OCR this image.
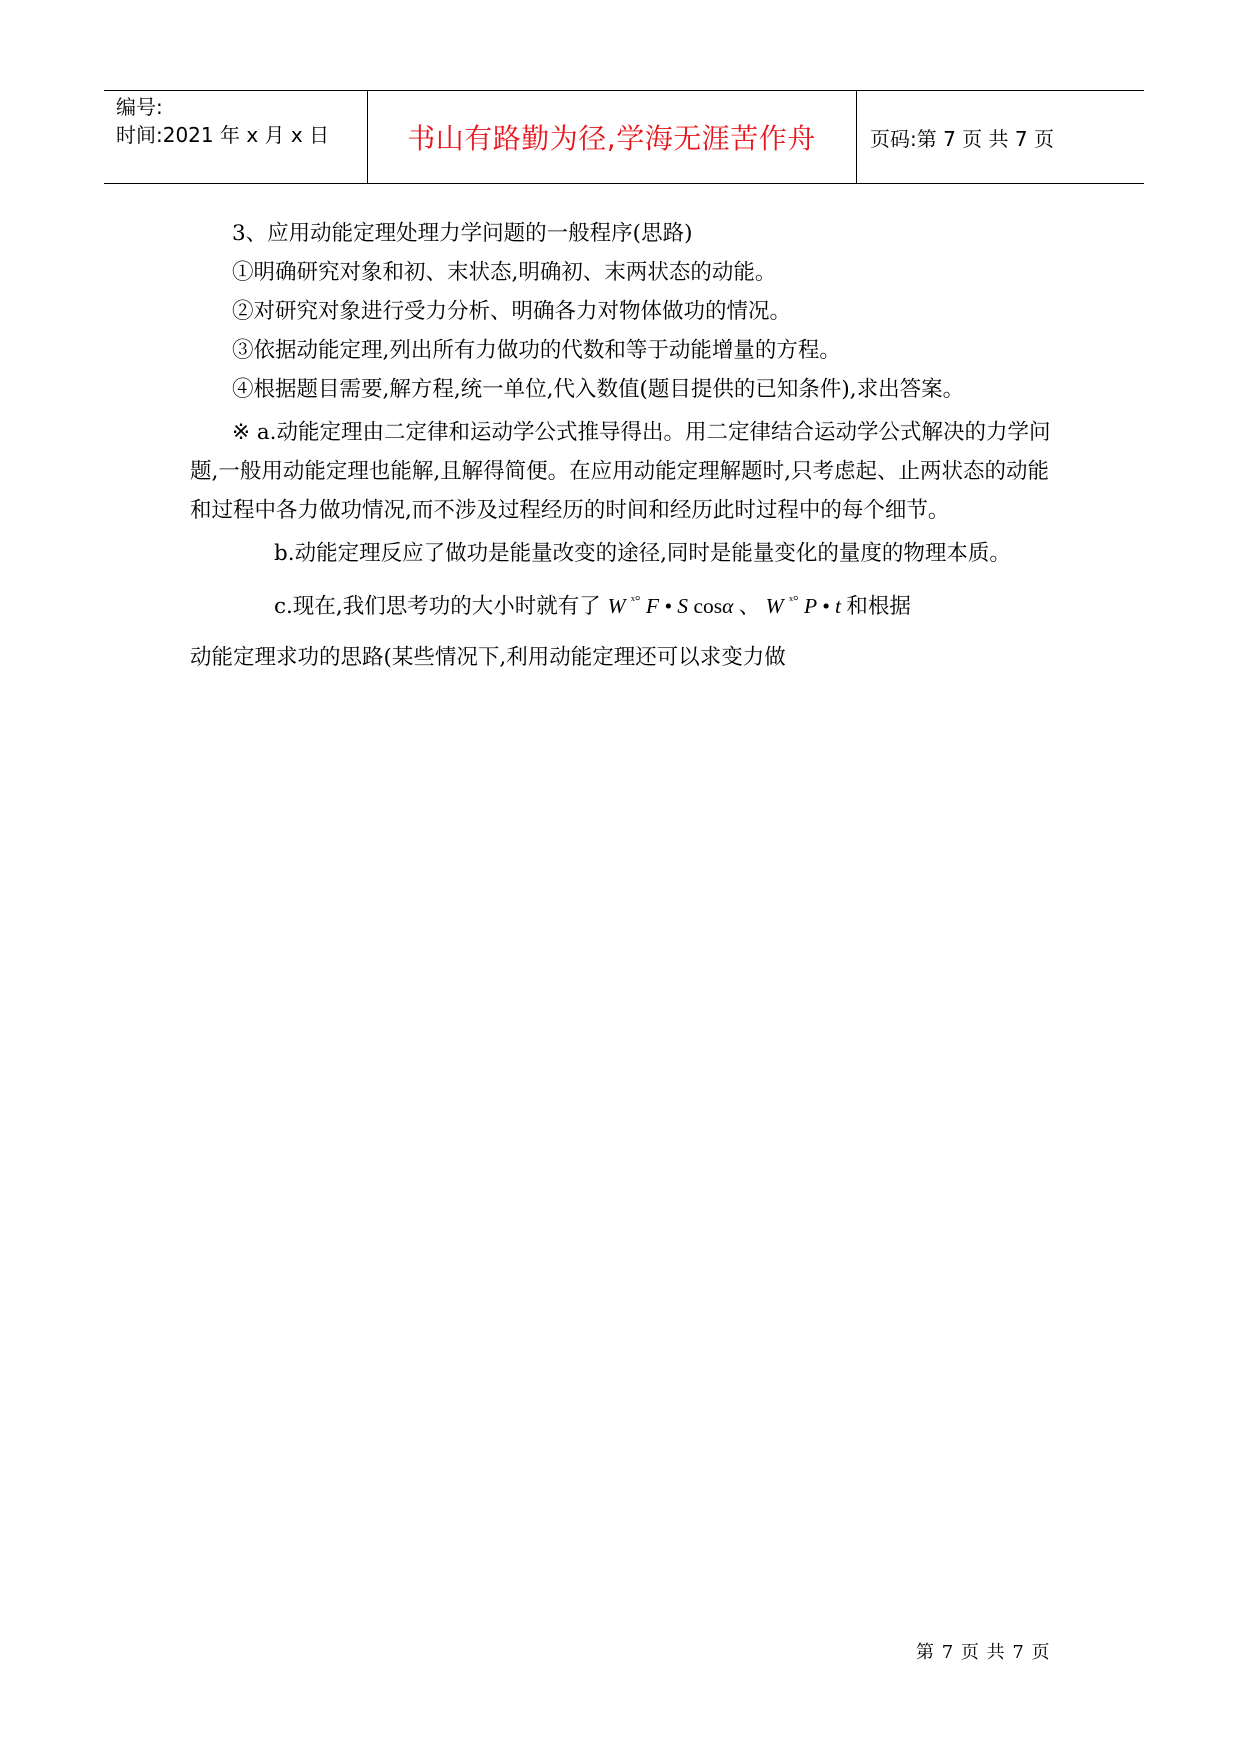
编号:
时间:2021 年 x 月 x 日	书山有路勤为径,学海无涯苦作舟	页码:第 7 页 共 7 页

3、应用动能定理处理力学问题的一般程序(思路)

①明确研究对象和初、末状态,明确初、末两状态的动能。

②对研究对象进行受力分析、明确各力对物体做功的情况。

③依据动能定理,列出所有力做功的代数和等于动能增量的方程。

④根据题目需要,解方程,统一单位,代入数值(题目提供的已知条件),求出答案。

※ a.动能定理由二定律和运动学公式推导得出。用二定律结合运动学公式解决的力学问题,一般用动能定理也能解,且解得简便。在应用动能定理解题时,只考虑起、止两状态的动能和过程中各力做功情况,而不涉及过程经历的时间和经历此时过程中的每个细节。

b.动能定理反应了做功是能量改变的途径,同时是能量变化的量度的物理本质。

c.现在,我们思考功的大小时就有了 W $^{ˣ^\circ}$ F • S cosα 、 W $^{ˣ^\circ}$ P • t 和根据

动能定理求功的思路(某些情况下,利用动能定理还可以求变力做

第 7 页 共 7 页
